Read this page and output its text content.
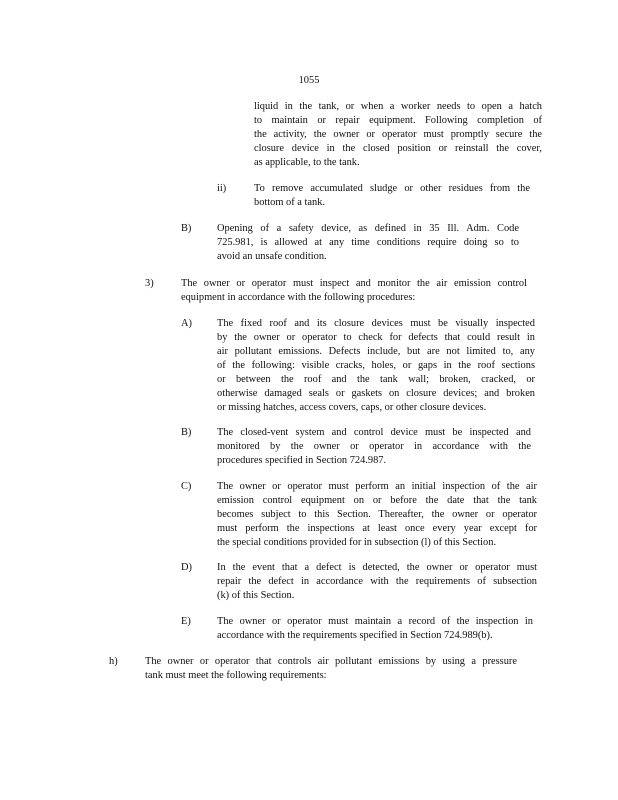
1055

liquid in the tank, or when a worker needs to open a hatch

to maintain or repair equipment. Following completion of

the activity, the owner or operator must promptly secure the

closure device in the closed position or reinstall the cover,

as applicable, to the tank.

ii)	To remove accumulated sludge or other residues from the

bottom of a tank.

B) Opening of a safety device, as defined in 35 Ill. Adm. Code

725.981, is allowed at any time conditions require doing so to

avoid an unsafe condition.

3)	The owner or operator must inspect and monitor the air emission control

equipment in accordance with the following procedures:

A) The fixed roof and its closure devices must be visually inspected

by the owner or operator to check for defects that could result in

air pollutant emissions. Defects include, but are not limited to, any

of the following: visible cracks, holes, or gaps in the roof sections

or between the roof and the tank wall; broken, cracked, or

otherwise damaged seals or gaskets on closure devices; and broken

or missing hatches, access covers, caps, or other closure devices.

B) The closed-vent system and control device must be inspected and

monitored by the owner or operator in accordance with the

procedures specified in Section 724.987.

C) The owner or operator must perform an initial inspection of the air

emission control equipment on or before the date that the tank

becomes subject to this Section. Thereafter, the owner or operator

must perform the inspections at least once every year except for

the special conditions provided for in subsection (l) of this Section.

D) In the event that a defect is detected, the owner or operator must

repair the defect in accordance with the requirements of subsection

(k) of this Section.

E)	The owner or operator must maintain a record of the inspection in

accordance with the requirements specified in Section 724.989(b).

h)	The owner or operator that controls air pollutant emissions by using a pressure

tank must meet the following requirements:
